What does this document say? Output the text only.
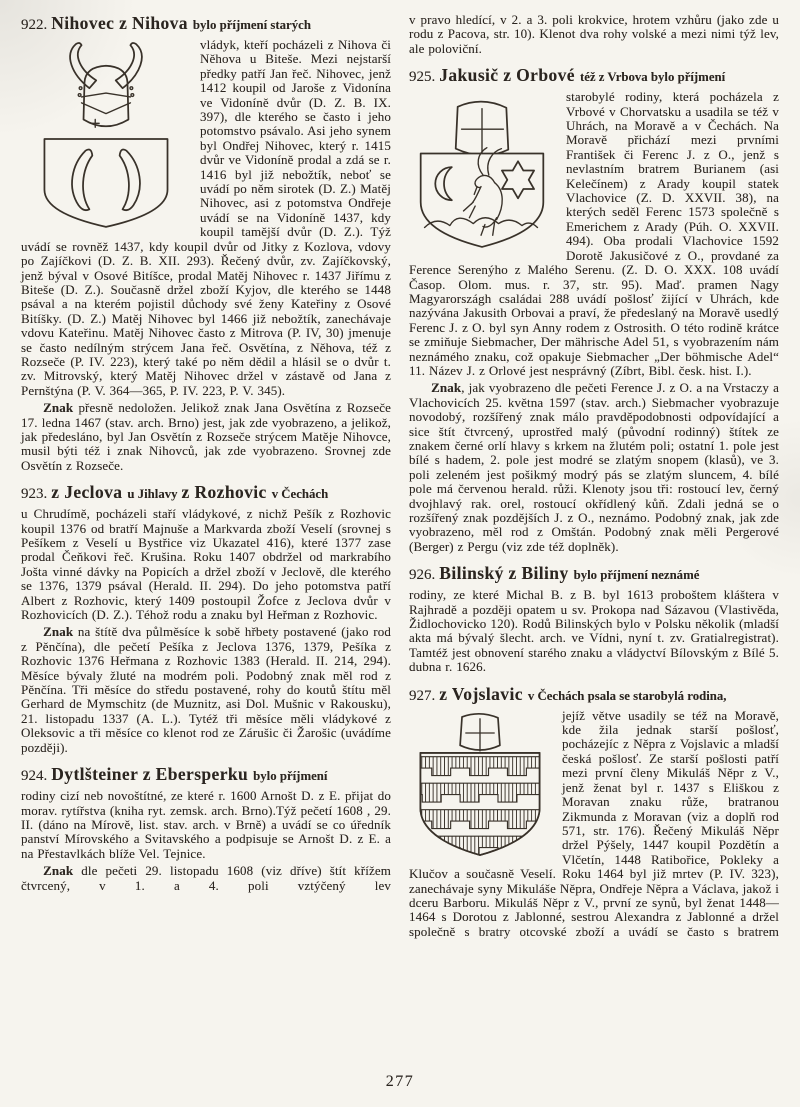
922. Nihovec z Nihova bylo příjmení starých

vládyk, kteří pocházeli z Nihova či Něhova u Biteše. Mezi nejstarší předky patří Jan řeč. Nihovec, jenž 1412 koupil od Jaroše z Vidonína ve Vidoníně dvůr (D. Z. B. IX. 397), dle kterého se často i jeho potomstvo psávalo. Asi jeho synem byl Ondřej Nihovec, který r. 1415 dvůr ve Vidoníně prodal a zdá se r. 1416 byl již nebožtík, neboť se uvádí po něm sirotek (D. Z.) Matěj Nihovec, asi z potomstva Ondřeje uvádí se na Vidoníně 1437, kdy koupil tamější dvůr (D. Z.). Týž uvádí se rovněž 1437, kdy koupil dvůr od Jitky z Kozlova, vdovy po Zajíčkovi (D. Z. B. XII. 293). Řečený dvůr, zv. Zajíčkovský, jenž býval v Osové Bitíšce, prodal Matěj Nihovec r. 1437 Jiřímu z Biteše (D. Z.). Současně držel zboží Kyjov, dle kterého se 1448 psával a na kterém pojistil důchody své ženy Kateřiny z Osové Bitíšky. (D. Z.) Matěj Nihovec byl 1466 již nebožtík, zanechávaje vdovu Kateřinu. Matěj Nihovec často z Mitrova (P. IV, 30) jmenuje se často nedílným strýcem Jana řeč. Osvětína, z Něhova, též z Rozseče (P. IV. 223), který také po něm dědil a hlásil se o dvůr t. zv. Mitrovský, který Matěj Nihovec držel v zástavě od Jana z Pernštýna (P. V. 364—365, P. IV. 223, P. V. 345).

Znak přesně nedoložen. Jelikož znak Jana Osvětína z Rozseče 17. ledna 1467 (stav. arch. Brno) jest, jak zde vyobrazeno, a jelikož, jak předesláno, byl Jan Osvětín z Rozseče strýcem Matěje Nihovce, musil býti též i znak Nihovců, jak zde vyobrazeno. Srovnej zde Osvětín z Rozseče.

923. z Jeclova u Jihlavy z Rozhovic v Čechách

u Chrudímě, pocházeli staří vládykové, z nichž Pešík z Rozhovic koupil 1376 od bratří Majnuše a Markvarda zboží Veselí (srovnej s Pešíkem z Veselí u Bystřice viz Ukazatel 416), které 1377 zase prodal Čeňkovi řeč. Krušina. Roku 1407 obdržel od markrabího Jošta vinné dávky na Popicích a držel zboží v Jeclově, dle kterého se 1376, 1379 psával (Herald. II. 294). Do jeho potomstva patří Albert z Rozhovic, který 1409 postoupil Žofce z Jeclova dvůr v Rozhovicích (D. Z.). Téhož rodu a znaku byl Heřman z Rozhovic.

Znak na štítě dva půlměsíce k sobě hřbety postavené (jako rod z Pěnčína), dle pečetí Pešíka z Jeclova 1376, 1379, Pešíka z Rozhovic 1376 Heřmana z Rozhovic 1383 (Herald. II. 214, 294). Měsíce bývaly žluté na modrém poli. Podobný znak měl rod z Pěnčína. Tři měsíce do středu postavené, rohy do koutů štítu měl Gerhard de Mymschitz (de Muznitz, asi Dol. Mušnic v Rakousku), 21. listopadu 1337 (A. L.). Tytéž tři měsíce měli vládykové z Oleksovic a tři měsíce co klenot rod ze Zárušic či Žarošic (uvádíme později).

924. Dytlšteiner z Ebersperku bylo příjmení

rodiny cizí neb novoštítné, ze které r. 1600 Arnošt D. z E. přijat do morav. rytířstva (kniha ryt. zemsk. arch. Brno).Týž pečetí 1608 , 29. II. (dáno na Mírově, list. stav. arch. v Brně) a uvádí se co úředník panství Mírovského a Svitavského a podpisuje se Arnošt D. z E. a na Přestavlkách blíže Vel. Tejnice.

Znak dle pečeti 29. listopadu 1608 (viz dříve) štít křížem čtvrcený, v 1. a 4. poli vztýčený lev

v pravo hledící, v 2. a 3. poli krokvice, hrotem vzhůru (jako zde u rodu z Pacova, str. 10). Klenot dva rohy volské a mezi nimi týž lev, ale poloviční.

925. Jakusič z Orbové též z Vrbova bylo příjmení

starobylé rodiny, která pocházela z Vrbové v Chorvatsku a usadila se též v Uhrách, na Moravě a v Čechách. Na Moravě přichází mezi prvními František či Ferenc J. z O., jenž s nevlastním bratrem Burianem (asi Kelečínem) z Arady koupil statek Vlachovice (Z. D. XXVII. 38), na kterých seděl Ferenc 1573 společně s Emerichem z Arady (Púh. O. XXVII. 494). Oba prodali Vlachovice 1592 Dorotě Jakusičové z O., provdané za Ference Serenýho z Malého Serenu. (Z. D. O. XXX. 108 uvádí Časop. Olom. mus. r. 37, str. 95). Maď. pramen Nagy Magyarországh családai 288 uvádí pošlosť žijící v Uhrách, kde nazývána Jakusith Orbovai a praví, že předeslaný na Moravě usedlý Ferenc J. z O. byl syn Anny rodem z Ostrosith. O této rodině krátce se zmiňuje Siebmacher, Der mährische Adel 51, s vyobrazením nám neznámého znaku, což opakuje Siebmacher „Der böhmische Adel“ 11. Název J. z Orlové jest nesprávný (Zíbrt, Bibl. česk. hist. I.).

Znak, jak vyobrazeno dle pečeti Ference J. z O. a na Vrstaczy a Vlachovicích 25. května 1597 (stav. arch.) Siebmacher vyobrazuje novodobý, rozšířený znak málo pravděpodobnosti odpovídající a sice štít čtvrcený, uprostřed malý (původní rodinný) štítek ze znakem černé orlí hlavy s krkem na žlutém poli; ostatní 1. pole jest bílé s hadem, 2. pole jest modré se zlatým snopem (klasů), ve 3. poli zeleném jest pošikmý modrý pás se zlatým sluncem, 4. bílé pole má červenou herald. růži. Klenoty jsou tři: rostoucí lev, černý dvojhlavý rak. orel, rostoucí okřídlený kůň. Zdali jedná se o rozšířený znak pozdějších J. z O., neznámo. Podobný znak, jak zde vyobrazeno, měl rod z Omštán. Podobný znak měli Pergerové (Berger) z Pergu (viz zde též doplněk).

926. Bilinský z Biliny bylo příjmení neznámé

rodiny, ze které Michal B. z B. byl 1613 proboštem kláštera v Rajhradě a později opatem u sv. Prokopa nad Sázavou (Vlastivěda, Židlochovicko 120). Rodů Bilinských bylo v Polsku několik (mladší akta má bývalý šlecht. arch. ve Vídni, nyní t. zv. Gratialregistrat). Tamtéž jest obnovení starého znaku a vládyctví Bílovským z Bílé 5. dubna r. 1626.

927. z Vojslavic v Čechách psala se starobylá rodina,

jejíž větve usadily se též na Moravě, kde žila jednak starší pošlosť, pocházejíc z Něpra z Vojslavic a mladší česká pošlosť. Ze starší pošlosti patří mezi první členy Mikuláš Něpr z V., jenž ženat byl r. 1437 s Eliškou z Moravan znaku růže, bratranou Zikmunda z Moravan (viz a doplň rod 571, str. 176). Řečený Mikuláš Něpr držel Pýšely, 1447 koupil Pozdětín a Vlčetín, 1448 Ratibořice, Pokleky a Klučov a současně Veselí. Roku 1464 byl již mrtev (P. IV. 323), zanechávaje syny Mikuláše Něpra, Ondřeje Něpra a Václava, jakož i dceru Barboru. Mikuláš Něpr z V., první ze synů, byl ženat 1448—1464 s Dorotou z Jablonné, sestrou Alexandra z Jablonné a držel společně s bratry otcovské zboží a uvádí se často s bratrem

277
